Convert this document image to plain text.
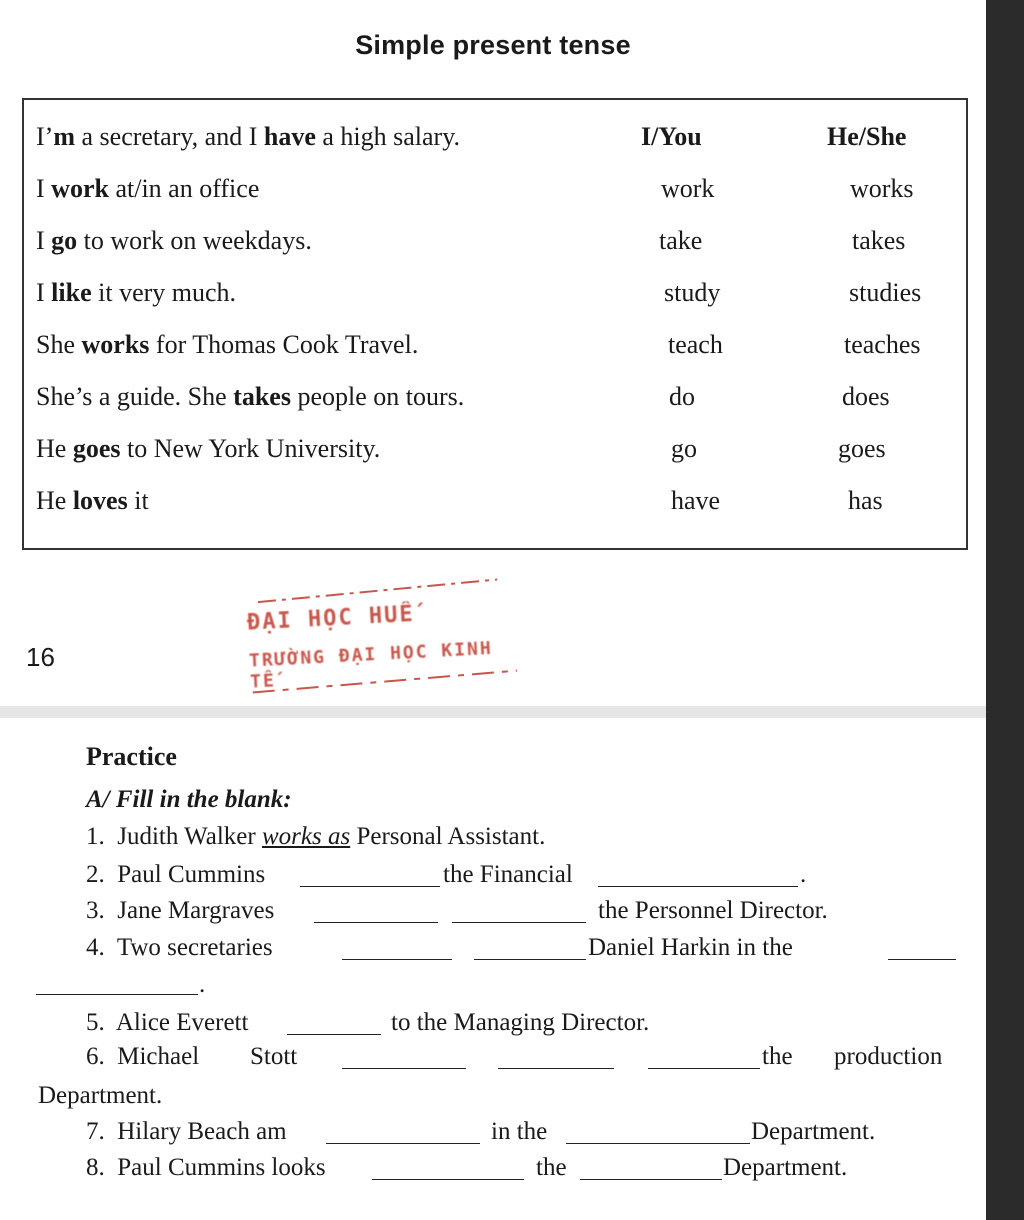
Simple present tense
I’m a secretary, and I have a high salary.	I/You	He/She
I work at/in an office	work	works
I go to work on weekdays.	take	takes
I like it very much.	study	studies
She works for Thomas Cook Travel.	teach	teaches
She’s a guide. She takes people on tours.	do	does
He goes to New York University.	go	goes
He loves it	have	has
16
ĐẠI HỌC HUẾ
TRƯỜNG ĐẠI HỌC KINH TẾ
Practice
A/ Fill in the blank:
1. Judith Walker works as Personal Assistant.
2. Paul Cummins	the Financial	.
3. Jane Margraves	the Personnel Director.
4. Two secretaries	Daniel Harkin in the
.
5. Alice Everett	to the Managing Director.
6. Michael Stott	the production
Department.
7. Hilary Beach am	in the	Department.
8. Paul Cummins looks	the	Department.
